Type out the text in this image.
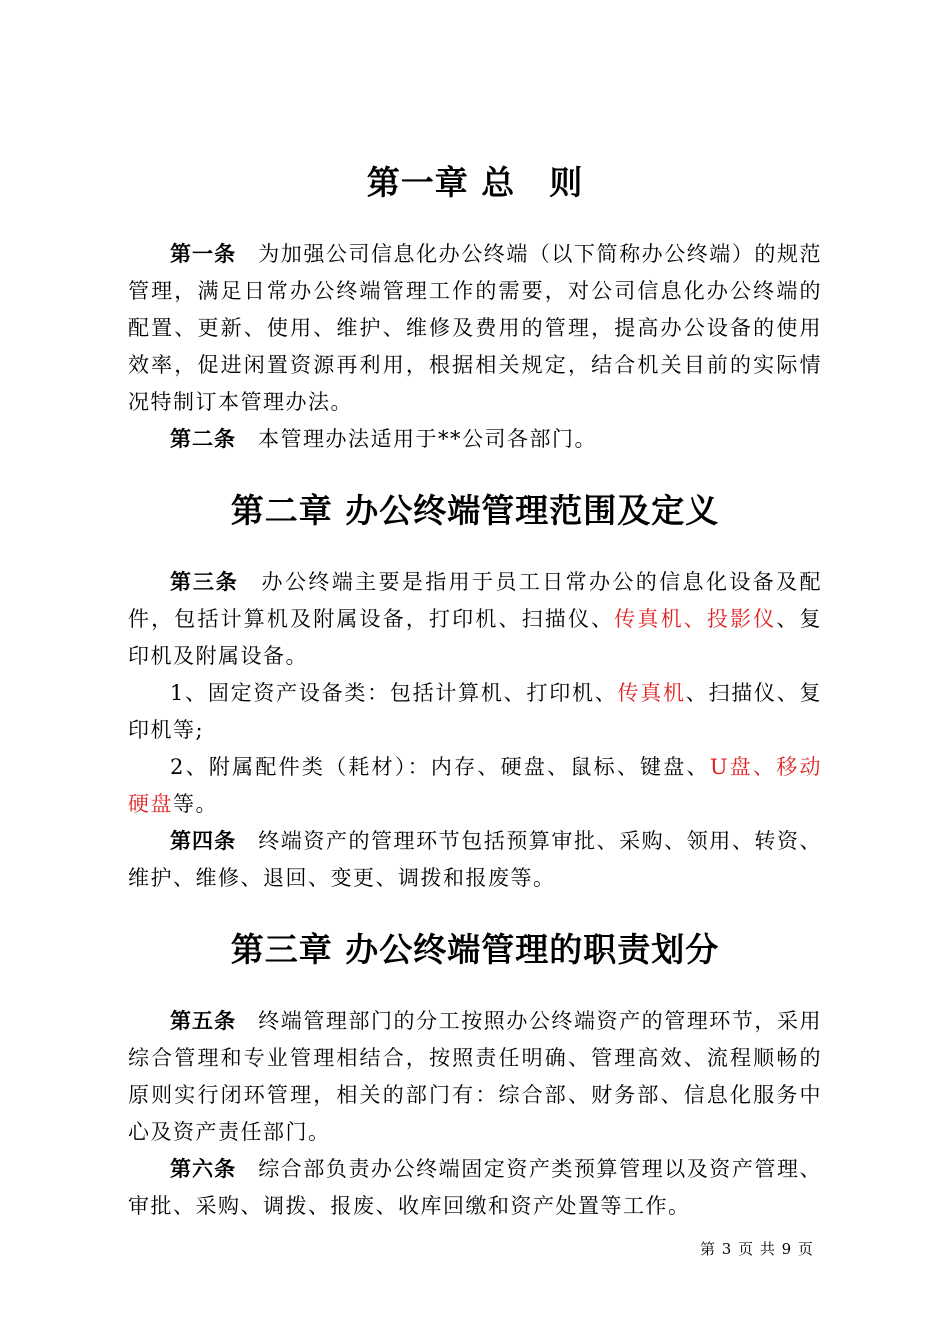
第一章 总　则

第一条 为加强公司信息化办公终端（以下简称办公终端）的规范管理，满足日常办公终端管理工作的需要，对公司信息化办公终端的配置、更新、使用、维护、维修及费用的管理，提高办公设备的使用效率，促进闲置资源再利用，根据相关规定，结合机关目前的实际情况特制订本管理办法。

第二条 本管理办法适用于**公司各部门。

第二章 办公终端管理范围及定义

第三条 办公终端主要是指用于员工日常办公的信息化设备及配件，包括计算机及附属设备，打印机、扫描仪、传真机、投影仪、复印机及附属设备。

1、固定资产设备类：包括计算机、打印机、传真机、扫描仪、复印机等;

2、附属配件类（耗材）：内存、硬盘、鼠标、键盘、U盘、移动硬盘等。

第四条 终端资产的管理环节包括预算审批、采购、领用、转资、维护、维修、退回、变更、调拨和报废等。

第三章 办公终端管理的职责划分

第五条 终端管理部门的分工按照办公终端资产的管理环节，采用综合管理和专业管理相结合，按照责任明确、管理高效、流程顺畅的原则实行闭环管理，相关的部门有：综合部、财务部、信息化服务中心及资产责任部门。

第六条 综合部负责办公终端固定资产类预算管理以及资产管理、审批、采购、调拨、报废、收库回缴和资产处置等工作。

第 3 页 共 9 页
